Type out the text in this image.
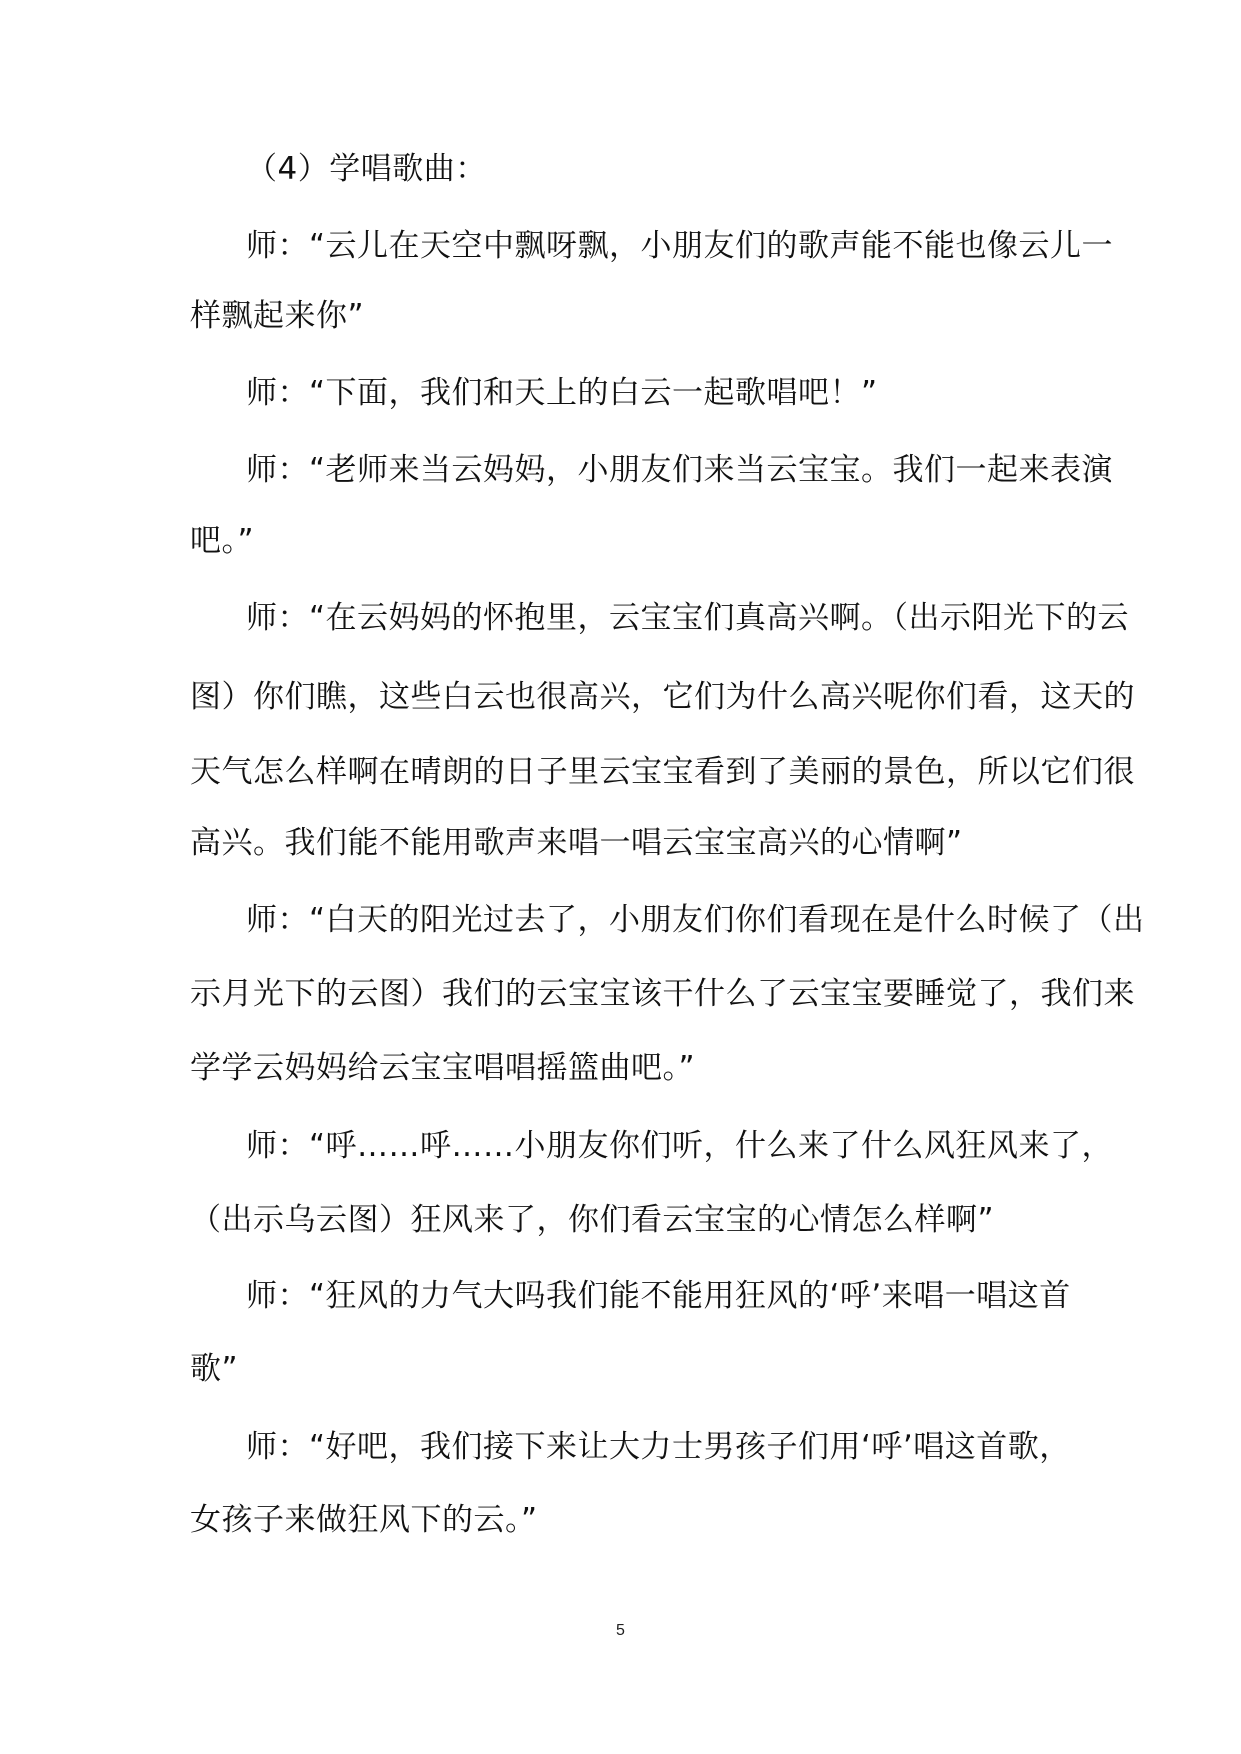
（4）学唱歌曲：
师：“云儿在天空中飘呀飘，小朋友们的歌声能不能也像云儿一
样飘起来你”
师：“下面，我们和天上的白云一起歌唱吧！”
师：“老师来当云妈妈，小朋友们来当云宝宝。我们一起来表演
吧。”
师：“在云妈妈的怀抱里，云宝宝们真高兴啊。（出示阳光下的云
图）你们瞧，这些白云也很高兴，它们为什么高兴呢你们看，这天的
天气怎么样啊在晴朗的日子里云宝宝看到了美丽的景色，所以它们很
高兴。我们能不能用歌声来唱一唱云宝宝高兴的心情啊”
师：“白天的阳光过去了，小朋友们你们看现在是什么时候了（出
示月光下的云图）我们的云宝宝该干什么了云宝宝要睡觉了，我们来
学学云妈妈给云宝宝唱唱摇篮曲吧。”
师：“呼……呼……小朋友你们听，什么来了什么风狂风来了，
（出示乌云图）狂风来了，你们看云宝宝的心情怎么样啊”
师：“狂风的力气大吗我们能不能用狂风的‘呼’来唱一唱这首
歌”
师：“好吧，我们接下来让大力士男孩子们用‘呼’唱这首歌，
女孩子来做狂风下的云。”
5
